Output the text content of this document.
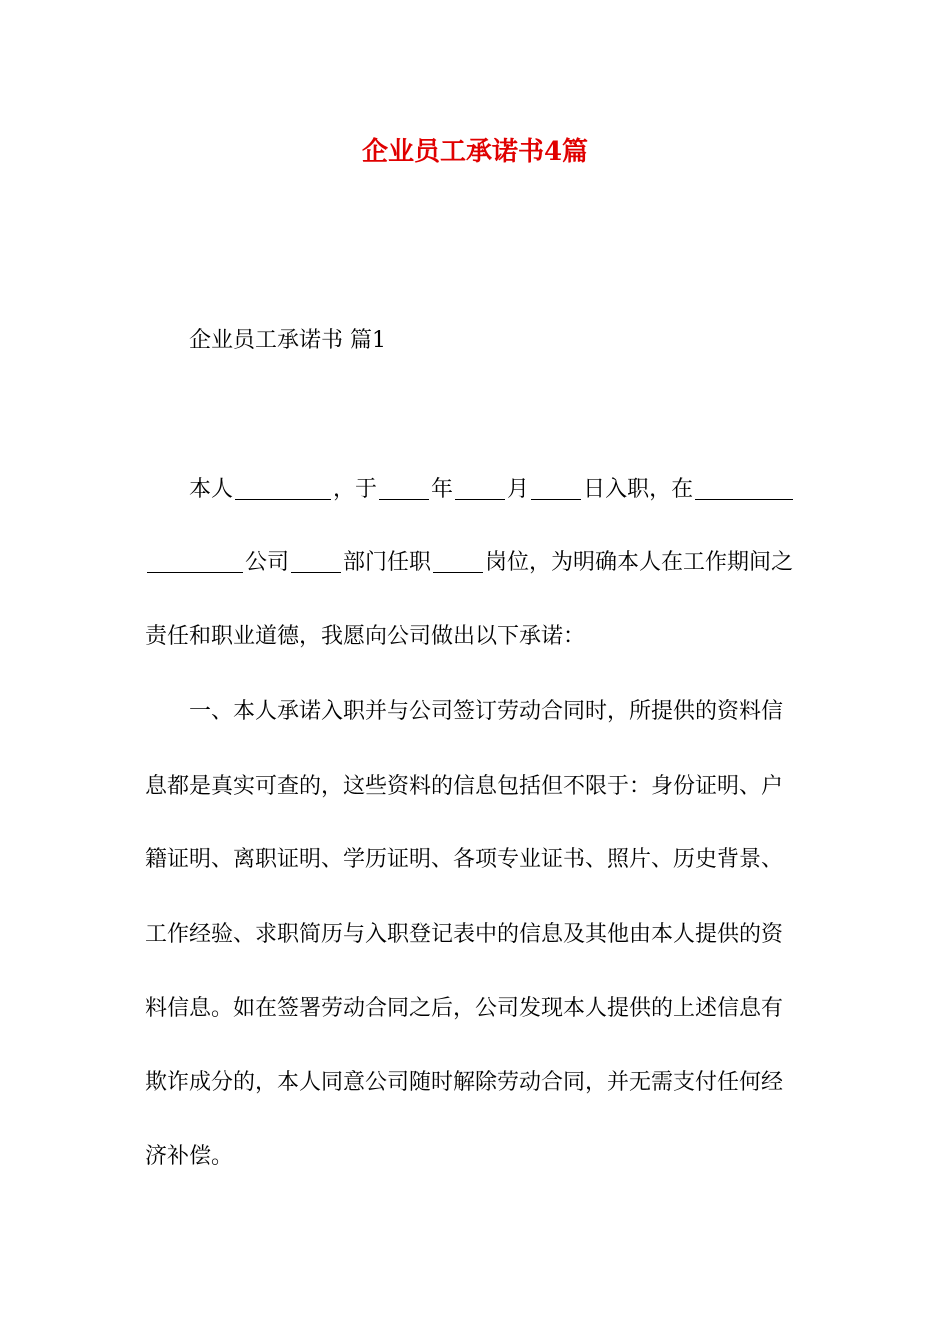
企业员工承诺书4篇
企业员工承诺书 篇1
本人	，于 年 月 日入职，在
公司 部门任职 岗位，为明确本人在工作期间之
责任和职业道德，我愿向公司做出以下承诺：
一、本人承诺入职并与公司签订劳动合同时，所提供的资料信
息都是真实可查的，这些资料的信息包括但不限于：身份证明、户
籍证明、离职证明、学历证明、各项专业证书、照片、历史背景、
工作经验、求职简历与入职登记表中的信息及其他由本人提供的资
料信息。如在签署劳动合同之后，公司发现本人提供的上述信息有
欺诈成分的，本人同意公司随时解除劳动合同，并无需支付任何经
济补偿。
